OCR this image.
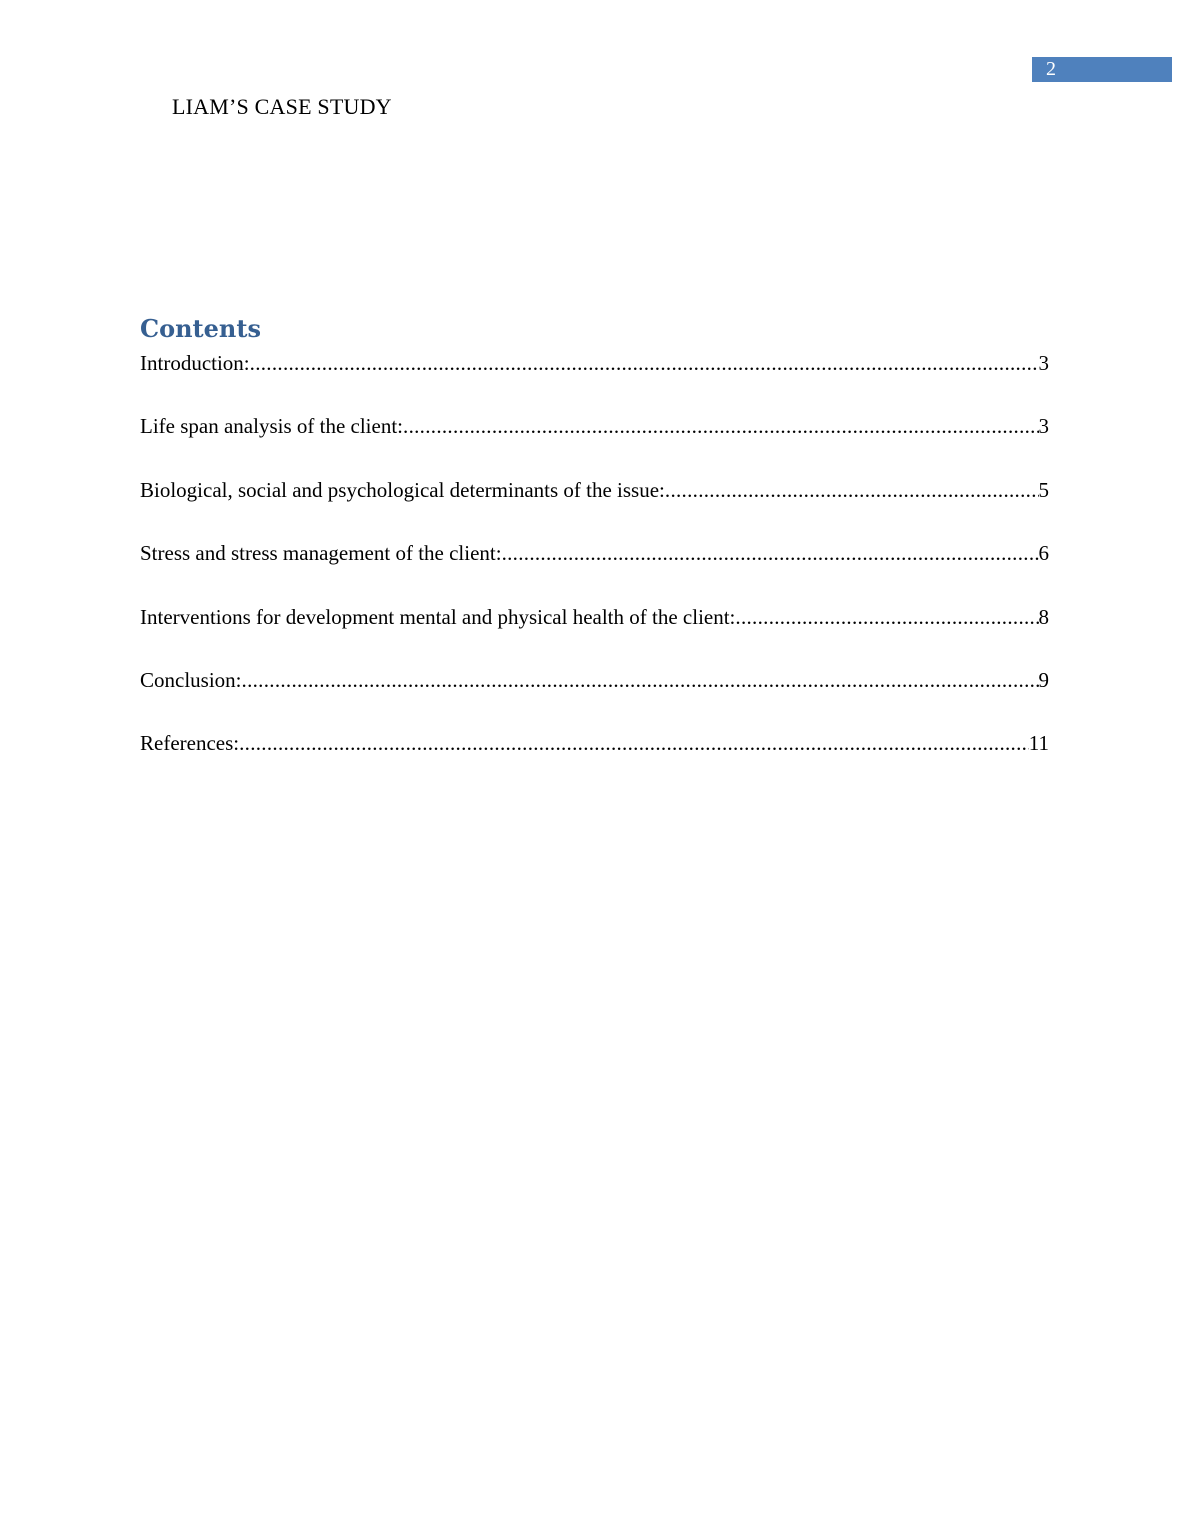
2
LIAM’S CASE STUDY
Contents
Introduction: .....	3
Life span analysis of the client: .....	3
Biological, social and psychological determinants of the issue: .....	5
Stress and stress management of the client: .....	6
Interventions for development mental and physical health of the client: .....	8
Conclusion: .....	9
References: .....	11
